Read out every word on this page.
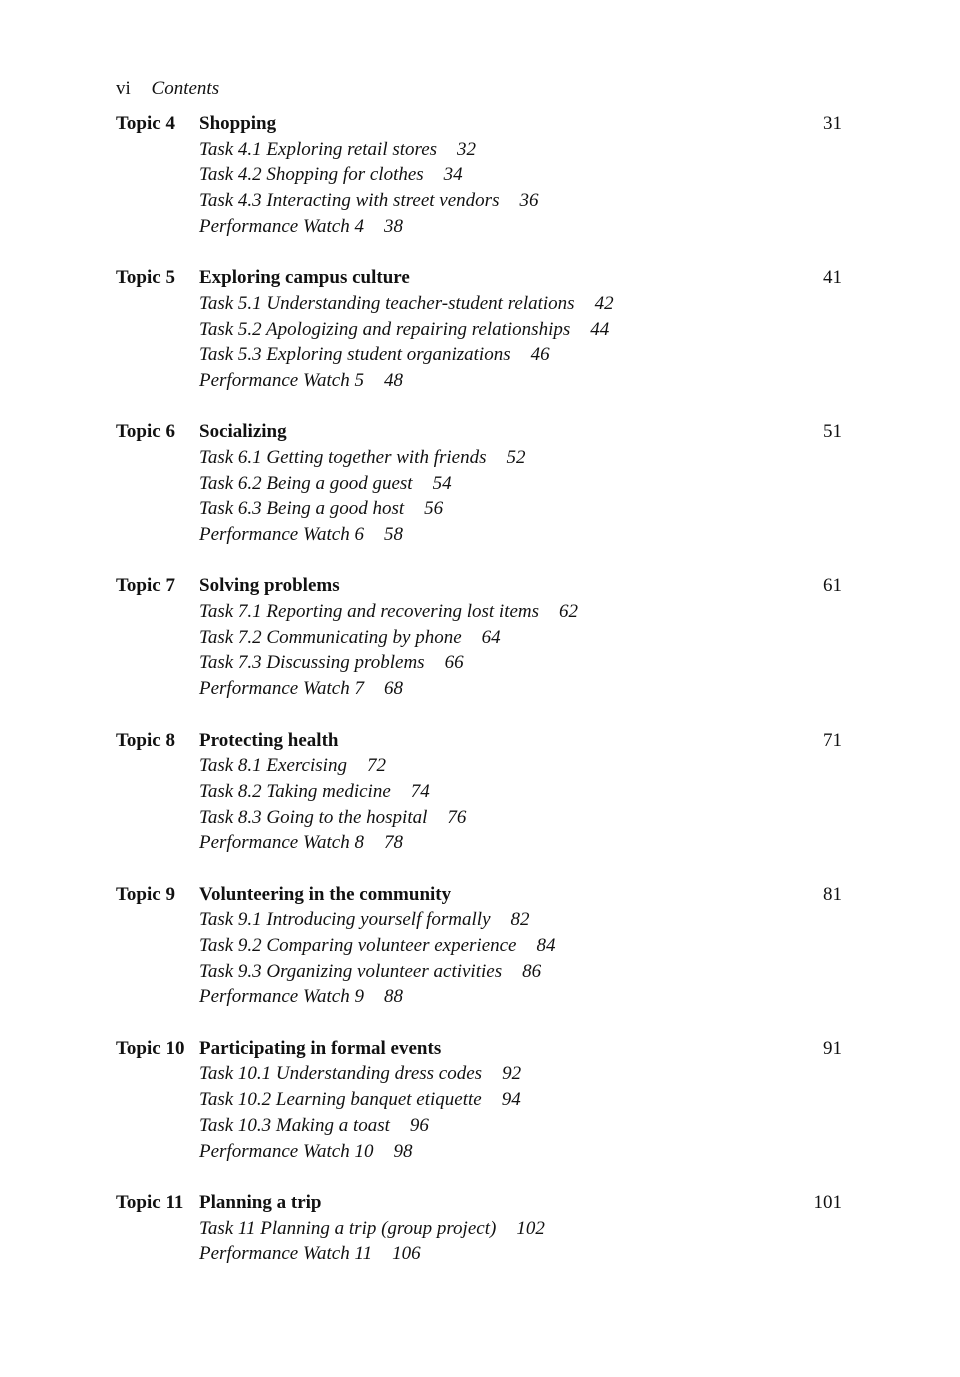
vi Contents
Topic 4	Shopping	31
Task 4.1 Exploring retail stores 32
Task 4.2 Shopping for clothes 34
Task 4.3 Interacting with street vendors 36
Performance Watch 4 38
Topic 5	Exploring campus culture	41
Task 5.1 Understanding teacher-student relations 42
Task 5.2 Apologizing and repairing relationships 44
Task 5.3 Exploring student organizations 46
Performance Watch 5 48
Topic 6	Socializing	51
Task 6.1 Getting together with friends 52
Task 6.2 Being a good guest 54
Task 6.3 Being a good host 56
Performance Watch 6 58
Topic 7	Solving problems	61
Task 7.1 Reporting and recovering lost items 62
Task 7.2 Communicating by phone 64
Task 7.3 Discussing problems 66
Performance Watch 7 68
Topic 8	Protecting health	71
Task 8.1 Exercising 72
Task 8.2 Taking medicine 74
Task 8.3 Going to the hospital 76
Performance Watch 8 78
Topic 9	Volunteering in the community	81
Task 9.1 Introducing yourself formally 82
Task 9.2 Comparing volunteer experience 84
Task 9.3 Organizing volunteer activities 86
Performance Watch 9 88
Topic 10 Participating in formal events	91
Task 10.1 Understanding dress codes 92
Task 10.2 Learning banquet etiquette 94
Task 10.3 Making a toast 96
Performance Watch 10 98
Topic 11 Planning a trip	101
Task 11 Planning a trip (group project) 102
Performance Watch 11 106
